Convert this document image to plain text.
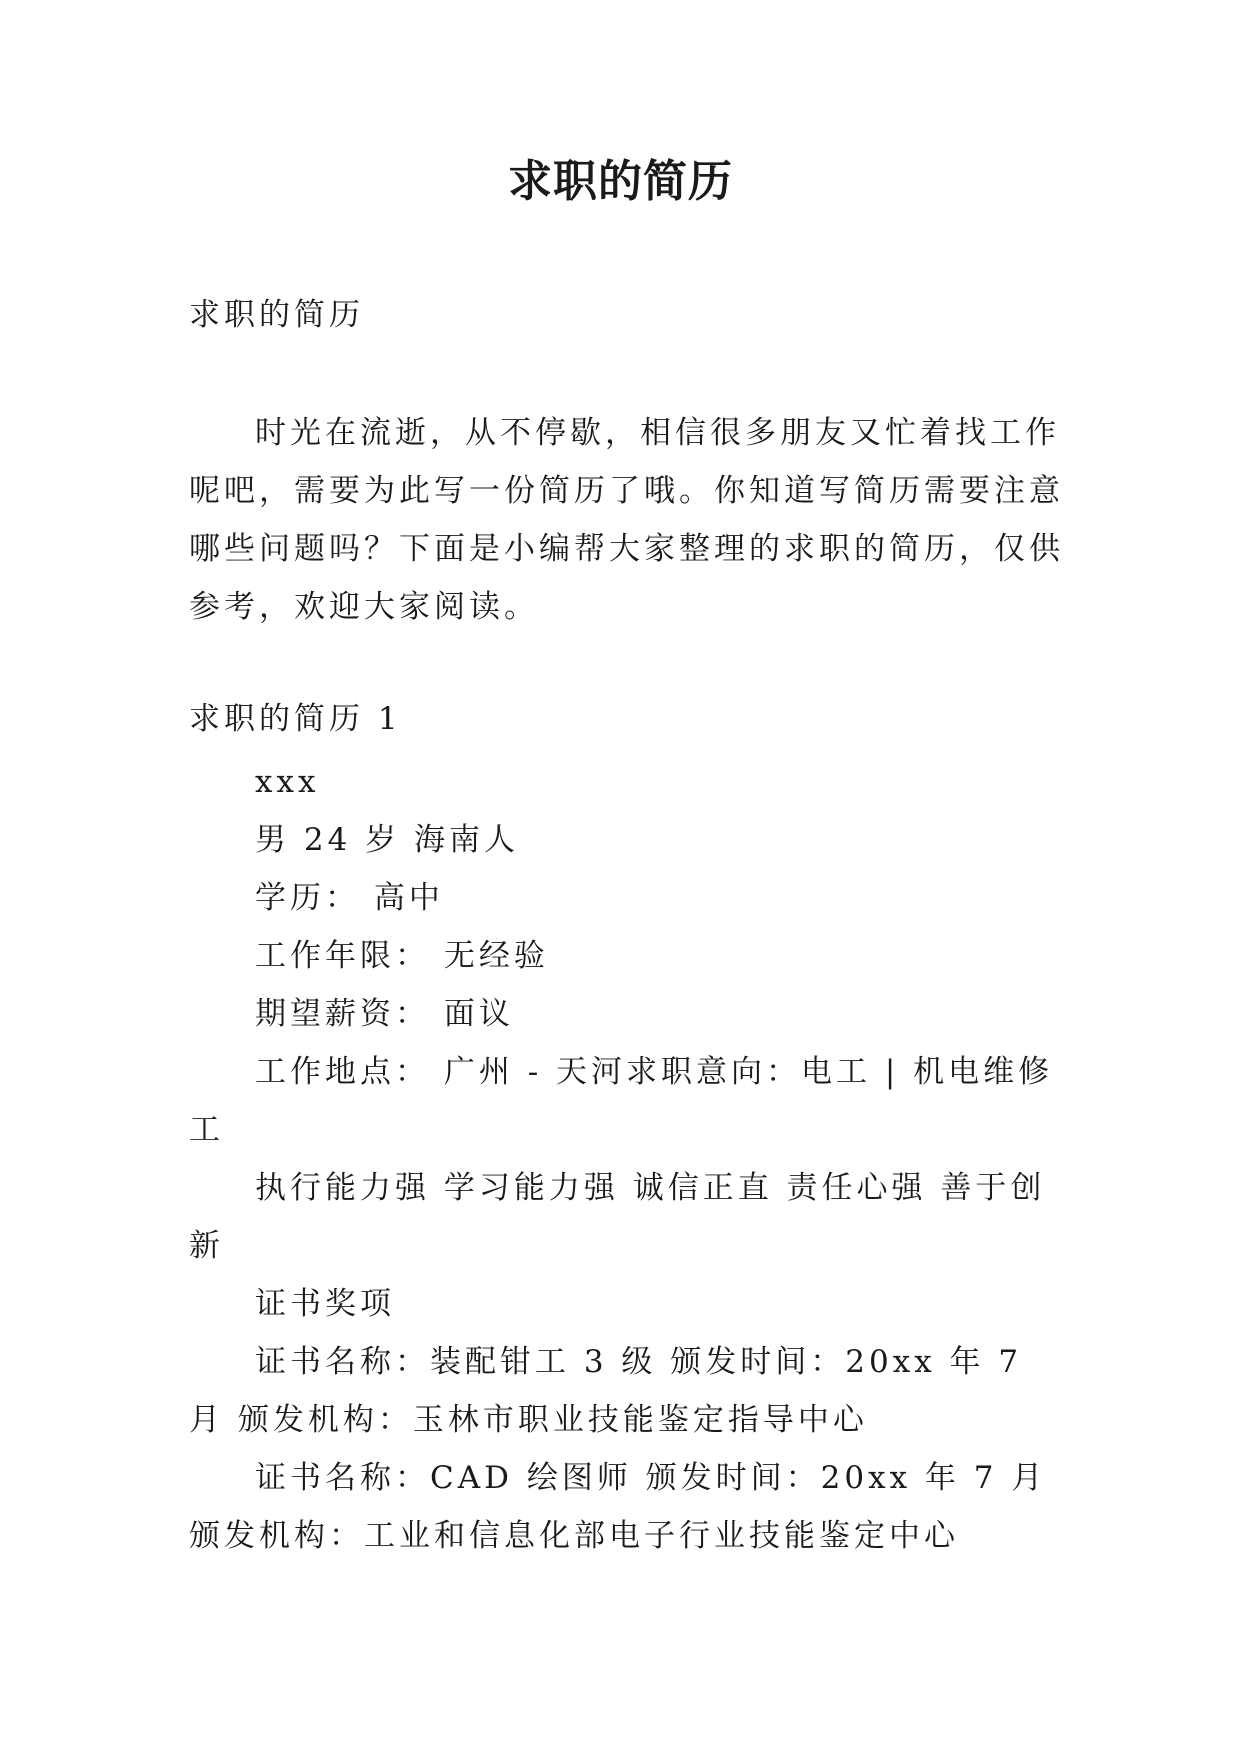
求职的简历

求职的简历

时光在流逝，从不停歇，相信很多朋友又忙着找工作呢吧，需要为此写一份简历了哦。你知道写简历需要注意哪些问题吗？下面是小编帮大家整理的求职的简历，仅供参考，欢迎大家阅读。

求职的简历 1

xxx

男 24 岁 海南人

学历： 高中

工作年限： 无经验

期望薪资： 面议

工作地点： 广州 - 天河求职意向：电工 | 机电维修工

执行能力强 学习能力强 诚信正直 责任心强 善于创新

证书奖项

证书名称：装配钳工 3 级 颁发时间：20xx 年 7 月 颁发机构：玉林市职业技能鉴定指导中心

证书名称：CAD 绘图师 颁发时间：20xx 年 7 月 颁发机构：工业和信息化部电子行业技能鉴定中心
